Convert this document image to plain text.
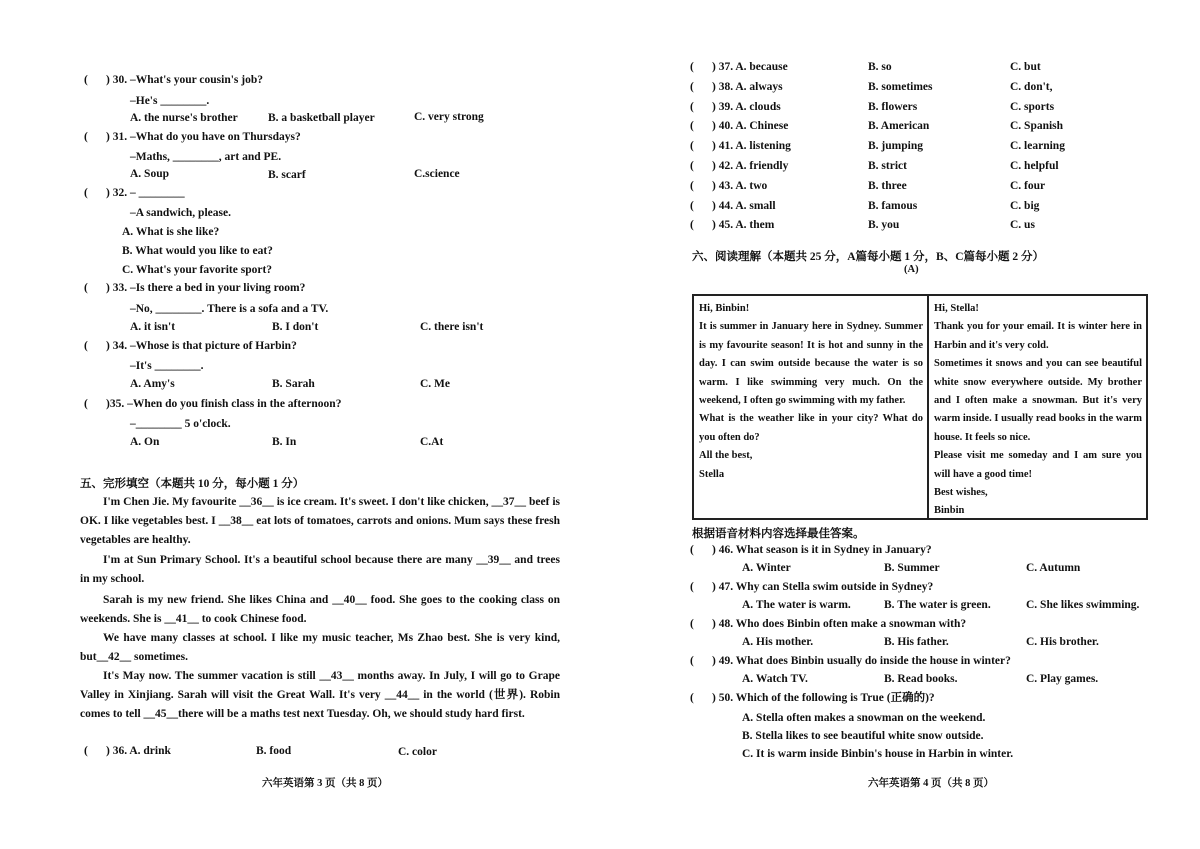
( ) 30. –What's your cousin's job?
–He's ________.
A. the nurse's brother	B. a basketball player	C. very strong
( ) 31. –What do you have on Thursdays?
–Maths, ________, art and PE.
A. Soup	B. scarf	C.science
( ) 32. – ________
–A sandwich, please.
A. What is she like?
B. What would you like to eat?
C. What's your favorite sport?
( ) 33. –Is there a bed in your living room?
–No, ________. There is a sofa and a TV.
A. it isn't	B. I don't	C. there isn't
( ) 34. –Whose is that picture of Harbin?
–It's ________.
A. Amy's	B. Sarah	C. Me
( )35. –When do you finish class in the afternoon?
–________ 5 o'clock.
A. On	B. In	C.At
五、完形填空（本题共 10 分，每小题 1 分）
I'm Chen Jie. My favourite __36__ is ice cream. It's sweet. I don't like chicken, __37__ beef is OK. I like vegetables best. I __38__ eat lots of tomatoes, carrots and onions. Mum says these fresh vegetables are healthy.
I'm at Sun Primary School. It's a beautiful school because there are many __39__ and trees in my school.
Sarah is my new friend. She likes China and __40__ food. She goes to the cooking class on weekends. She is __41__ to cook Chinese food.
We have many classes at school. I like my music teacher, Ms Zhao best. She is very kind, but__42__ sometimes.
It's May now. The summer vacation is still __43__ months away. In July, I will go to Grape Valley in Xinjiang. Sarah will visit the Great Wall. It's very __44__ in the world (世界). Robin comes to tell __45__there will be a maths test next Tuesday. Oh, we should study hard first.
( ) 36. A. drink	B. food	C. color
六年英语第 3 页（共 8 页）
( ) 37. A. because	B. so	C. but
( ) 38. A. always	B. sometimes	C. don't,
( ) 39. A. clouds	B. flowers	C. sports
( ) 40. A. Chinese	B. American	C. Spanish
( ) 41. A. listening	B. jumping	C. learning
( ) 42. A. friendly	B. strict	C. helpful
( ) 43. A. two	B. three	C. four
( ) 44. A. small	B. famous	C. big
( ) 45. A. them	B. you	C. us
六、阅读理解（本题共 25 分，A篇每小题 1 分，B、C篇每小题 2 分）
(A)
Hi, Binbin!
It is summer in January here in Sydney. Summer is my favourite season! It is hot and sunny in the day. I can swim outside because the water is so warm. I like swimming very much. On the weekend, I often go swimming with my father.
What is the weather like in your city? What do you often do?
All the best,
Stella
Hi, Stella!
Thank you for your email. It is winter here in Harbin and it's very cold.
Sometimes it snows and you can see beautiful white snow everywhere outside. My brother and I often make a snowman. But it's very warm inside. I usually read books in the warm house. It feels so nice.
Please visit me someday and I am sure you will have a good time!
Best wishes,
Binbin
根据语音材料内容选择最佳答案。
( ) 46. What season is it in Sydney in January?
A. Winter	B. Summer	C. Autumn
( ) 47. Why can Stella swim outside in Sydney?
A. The water is warm.	B. The water is green.	C. She likes swimming.
( ) 48. Who does Binbin often make a snowman with?
A. His mother.	B. His father.	C. His brother.
( ) 49. What does Binbin usually do inside the house in winter?
A. Watch TV.	B. Read books.	C. Play games.
( ) 50. Which of the following is True (正确的)?
A. Stella often makes a snowman on the weekend.
B. Stella likes to see beautiful white snow outside.
C. It is warm inside Binbin's house in Harbin in winter.
六年英语第 4 页（共 8 页）
